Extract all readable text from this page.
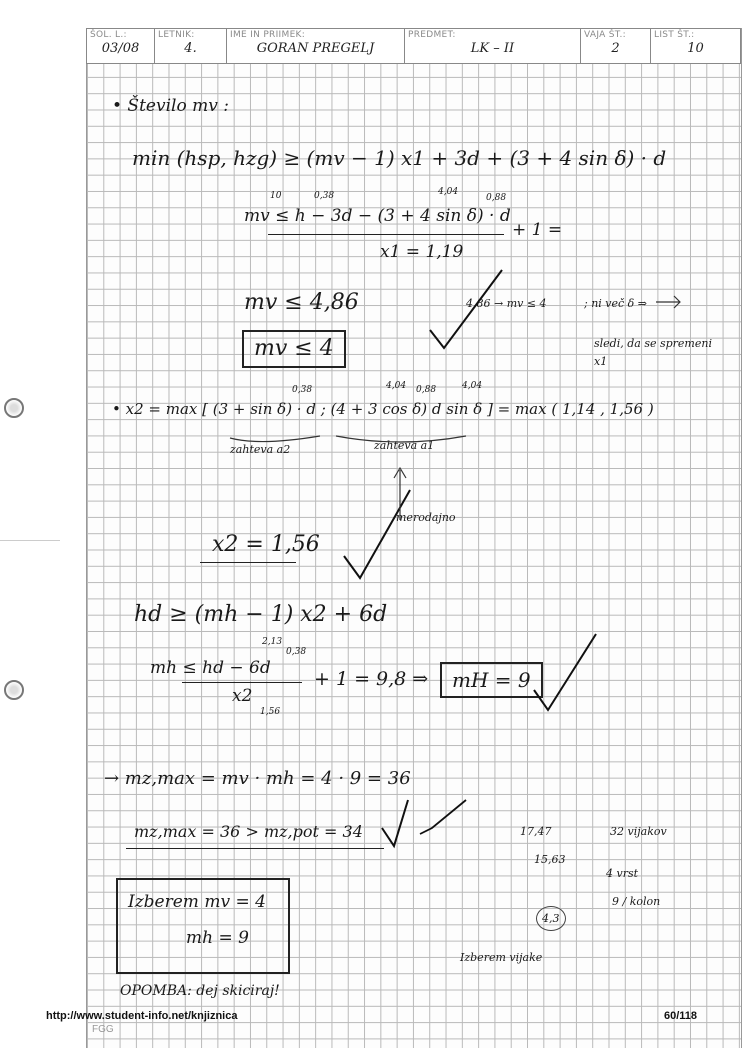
ŠOL. L.:
03/08

LETNIK:
4.

IME IN PRIIMEK:
GORAN PREGELJ

PREDMET:
LK – II

VAJA ŠT.:
2

LIST ŠT.:
10
• Število mv :
min (hsp, hzg) ≥ (mv − 1) x1 + 3d + (3 + 4 sin δ) · d
10	0,38	4,04
0,88
mv ≤ h − 3d − (3 + 4 sin δ) · d
+ 1 =
x1 = 1,19
mv ≤ 4,86	4,86 → mv ≤ 4	; ni več δ ⇒
sledi, da se spremeni
x1
mv ≤ 4
0,38	4,04 0,88	4,04
• x2 = max [ (3 + sin δ) · d ; (4 + 3 cos δ) d sin δ ] = max ( 1,14 , 1,56 )
zahteva a2	zahteva a1
merodajno
x2 = 1,56
hd ≥ (mh − 1) x2 + 6d
2,13
0,38
mh ≤ hd − 6d + 1 = 9,8 ⇒	mH = 9
x2
1,56
→ mz,max = mv · mh = 4 · 9 = 36
mz,max = 36 > mz,pot = 34	17,47
15,63
32 vijakov
4 vrst
9 / kolon
4,3
Izberem mv = 4
mh = 9
Izberem vijake
OPOMBA: dej skiciraj!
http://www.student-info.net/knjiznica	60/118
FGG
